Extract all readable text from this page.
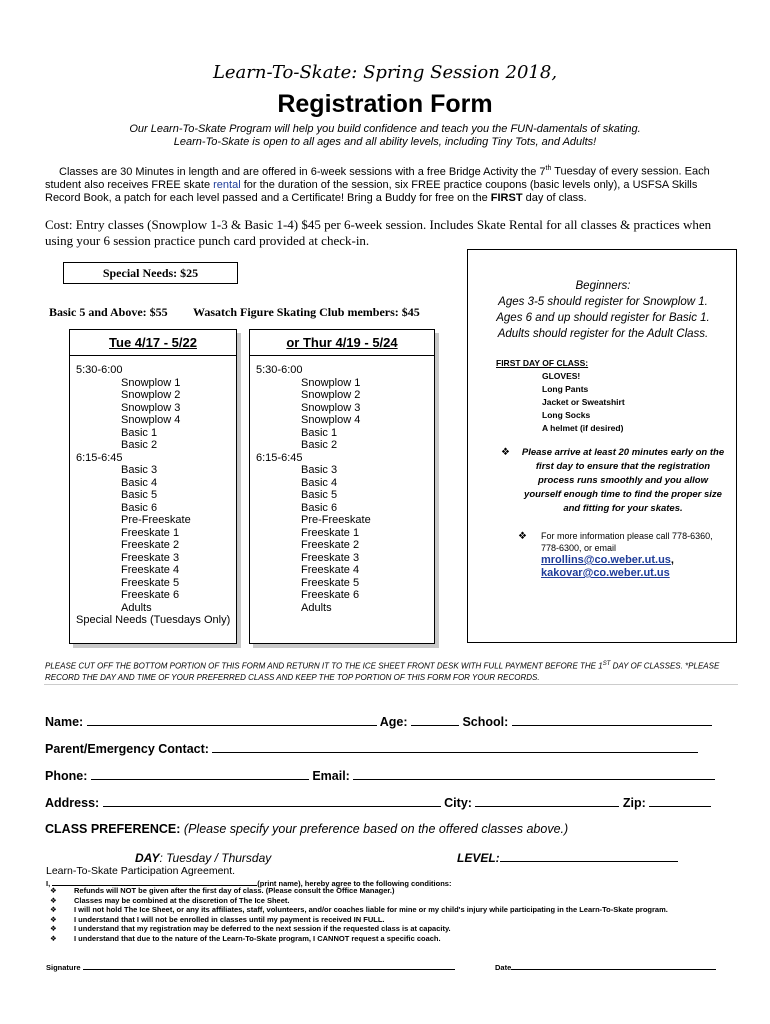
Learn-To-Skate: Spring Session 2018,
Registration Form
Our Learn-To-Skate Program will help you build confidence and teach you the FUN-damentals of skating.
Learn-To-Skate is open to all ages and all ability levels, including Tiny Tots, and Adults!
Classes are 30 Minutes in length and are offered in 6-week sessions with a free Bridge Activity the 7th Tuesday of every session. Each student also receives FREE skate rental for the duration of the session, six FREE practice coupons (basic levels only), a USFSA Skills Record Book, a patch for each level passed and a Certificate! Bring a Buddy for free on the FIRST day of class.
Cost: Entry classes (Snowplow 1-3 & Basic 1-4) $45 per 6-week session. Includes Skate Rental for all classes & practices when using your 6 session practice punch card provided at check-in.
Special Needs: $25
Basic 5 and Above: $55 Wasatch Figure Skating Club members: $45
Tue 4/17 - 5/22
5:30-6:00
Snowplow 1
Snowplow 2
Snowplow 3
Snowplow 4
Basic 1
Basic 2
6:15-6:45
Basic 3
Basic 4
Basic 5
Basic 6
Pre-Freeskate
Freeskate 1
Freeskate 2
Freeskate 3
Freeskate 4
Freeskate 5
Freeskate 6
Adults
Special Needs (Tuesdays Only)
or Thur 4/19 - 5/24
5:30-6:00
Snowplow 1
Snowplow 2
Snowplow 3
Snowplow 4
Basic 1
Basic 2
6:15-6:45
Basic 3
Basic 4
Basic 5
Basic 6
Pre-Freeskate
Freeskate 1
Freeskate 2
Freeskate 3
Freeskate 4
Freeskate 5
Freeskate 6
Adults
Beginners:
Ages 3-5 should register for Snowplow 1.
Ages 6 and up should register for Basic 1.
Adults should register for the Adult Class.
FIRST DAY OF CLASS:
GLOVES!
Long Pants
Jacket or Sweatshirt
Long Socks
A helmet (if desired)
❖ Please arrive at least 20 minutes early on the first day to ensure that the registration process runs smoothly and you allow yourself enough time to find the proper size and fitting for your skates.
❖ For more information please call 778-6360, 778-6300, or email
mrollins@co.weber.ut.us,
kakovar@co.weber.ut.us
PLEASE CUT OFF THE BOTTOM PORTION OF THIS FORM AND RETURN IT TO THE ICE SHEET FRONT DESK WITH FULL PAYMENT BEFORE THE 1ST DAY OF CLASSES. *PLEASE RECORD THE DAY AND TIME OF YOUR PREFERRED CLASS AND KEEP THE TOP PORTION OF THIS FORM FOR YOUR RECORDS.
Name:	Age:	School:
Parent/Emergency Contact:
Phone:	Email:
Address:	City:	Zip:
CLASS PREFERENCE: (Please specify your preference based on the offered classes above.)
DAY: Tuesday / Thursday	LEVEL:
Learn-To-Skate Participation Agreement.
I,	(print name), hereby agree to the following conditions:
❖	Refunds will NOT be given after the first day of class. (Please consult the Office Manager.)
❖	Classes may be combined at the discretion of The Ice Sheet.
❖	I will not hold The Ice Sheet, or any its affiliates, staff, volunteers, and/or coaches liable for mine or my child's injury while participating in the Learn-To-Skate program.
❖	I understand that I will not be enrolled in classes until my payment is received IN FULL.
❖	I understand that my registration may be deferred to the next session if the requested class is at capacity.
❖	I understand that due to the nature of the Learn-To-Skate program, I CANNOT request a specific coach.
Signature	Date
